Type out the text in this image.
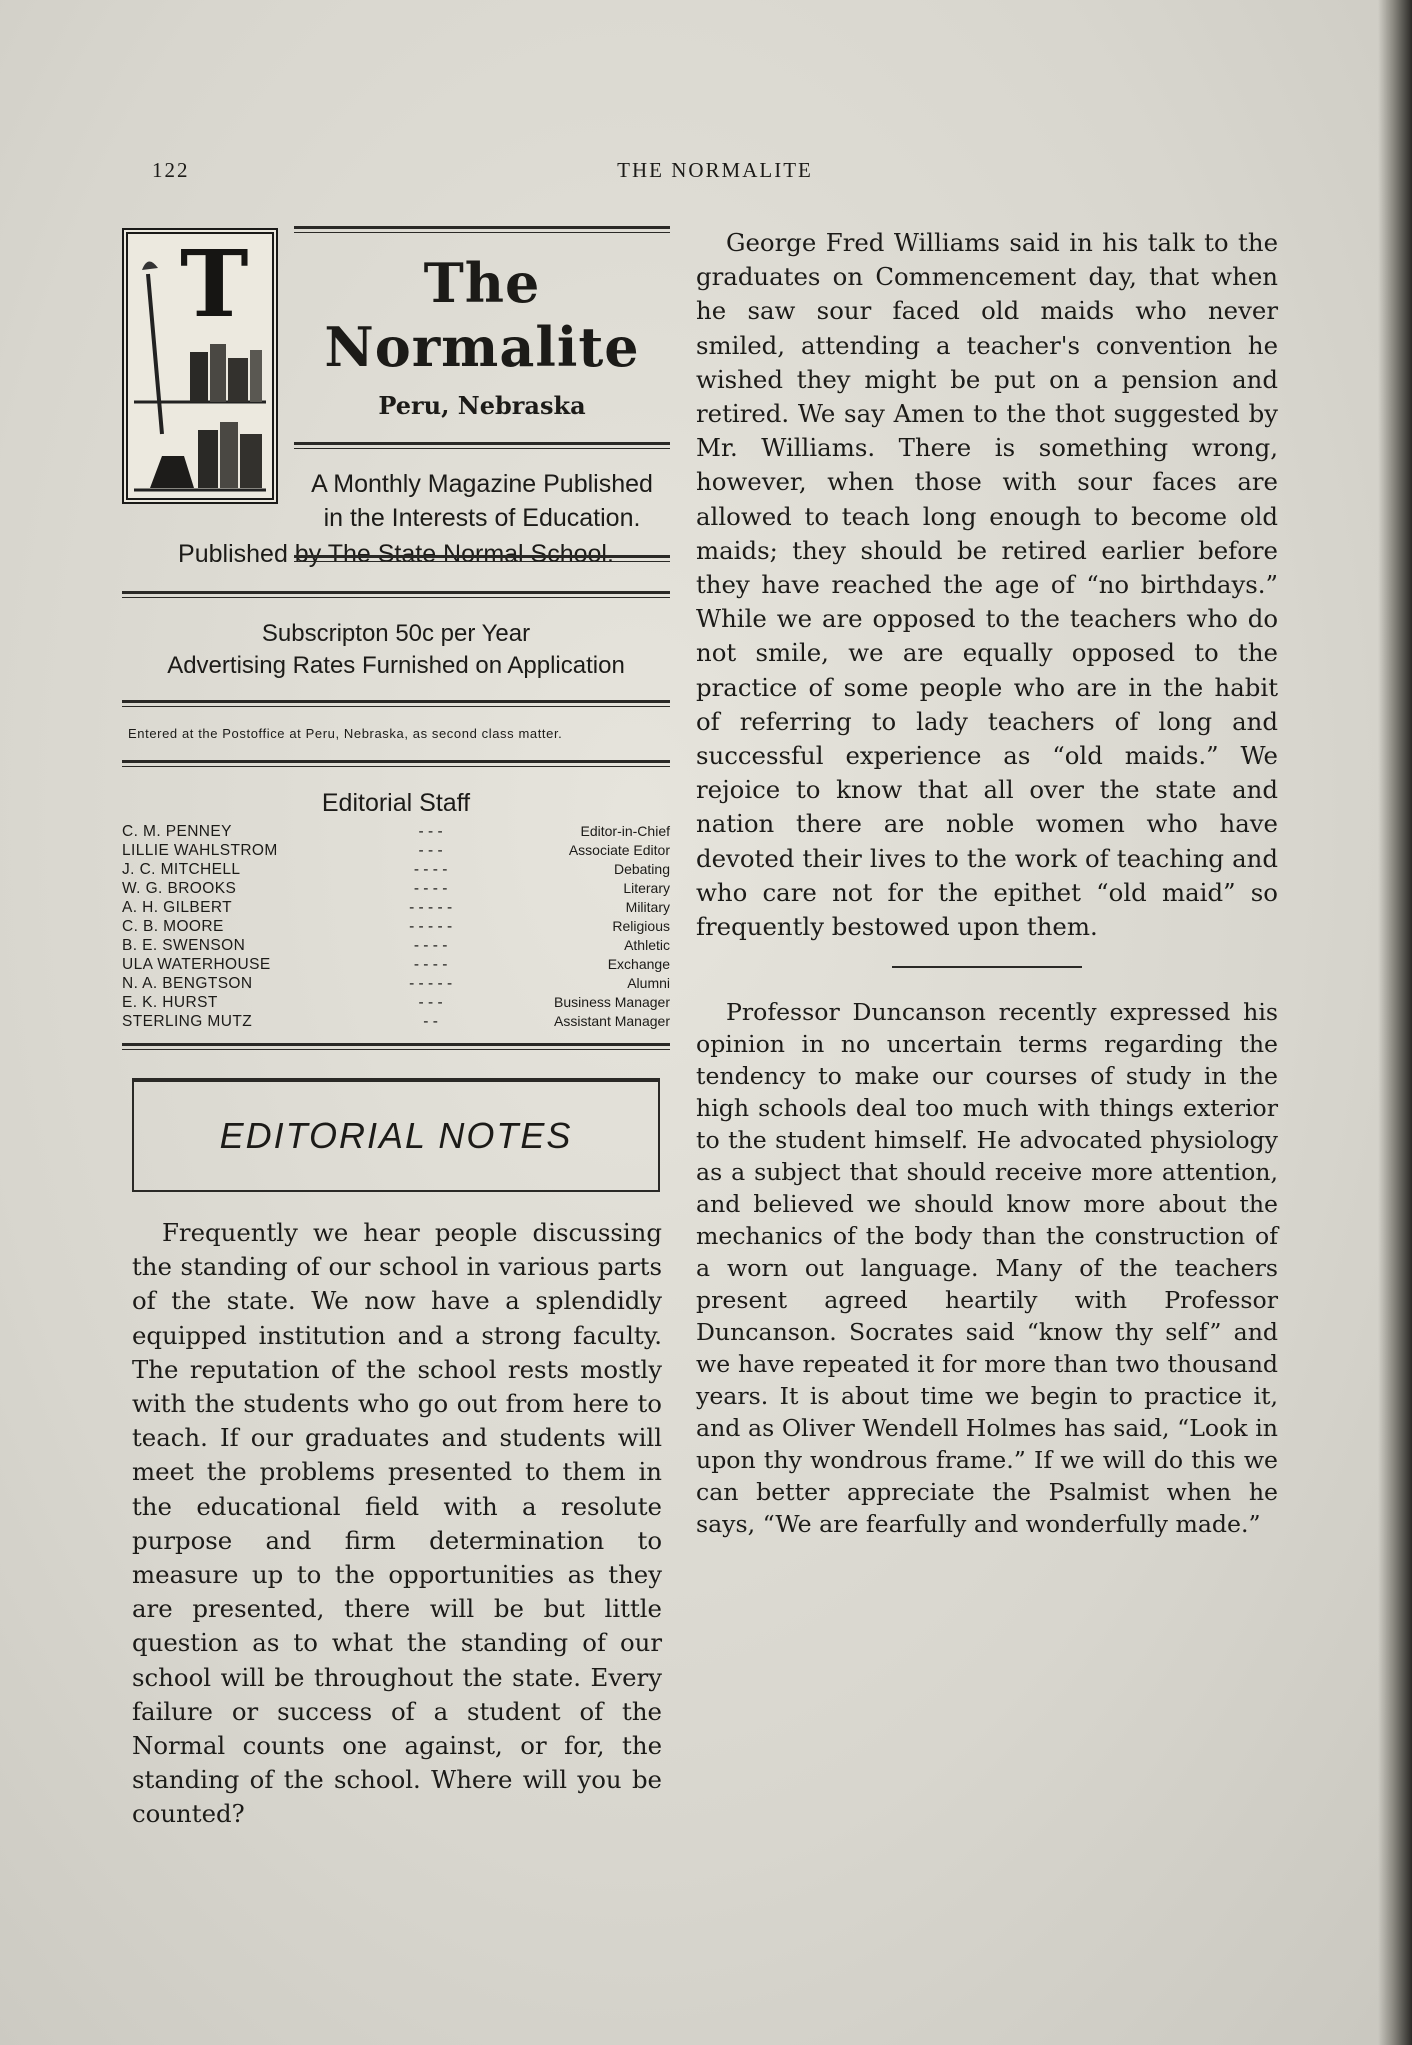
122	THE NORMALITE
T	The Normalite
Peru, Nebraska
A Monthly Magazine Published
in the Interests of Education.
Published by The State Normal School.
Subscripton 50c per Year
Advertising Rates Furnished on Application
Entered at the Postoffice at Peru, Nebraska, as second class matter.
Editorial Staff
C. M. PENNEY	- - -	Editor-in-Chief
LILLIE WAHLSTROM	- - -	Associate Editor
J. C. MITCHELL	- - - -	Debating
W. G. BROOKS	- - - -	Literary
A. H. GILBERT	- - - - -	Military
C. B. MOORE	- - - - -	Religious
B. E. SWENSON	- - - -	Athletic
ULA WATERHOUSE	- - - -	Exchange
N. A. BENGTSON	- - - - -	Alumni
E. K. HURST	- - -	Business Manager
STERLING MUTZ	- -	Assistant Manager
EDITORIAL NOTES
Frequently we hear people discussing the standing of our school in various parts of the state. We now have a splendidly equipped institution and a strong faculty. The reputation of the school rests mostly with the students who go out from here to teach. If our graduates and students will meet the problems presented to them in the educational field with a resolute purpose and firm determination to measure up to the opportunities as they are presented, there will be but little question as to what the standing of our school will be throughout the state. Every failure or success of a student of the Normal counts one against, or for, the standing of the school. Where will you be counted?
George Fred Williams said in his talk to the graduates on Commencement day, that when he saw sour faced old maids who never smiled, attending a teacher's convention he wished they might be put on a pension and retired. We say Amen to the thot suggested by Mr. Williams. There is something wrong, however, when those with sour faces are allowed to teach long enough to become old maids; they should be retired earlier before they have reached the age of “no birthdays.” While we are opposed to the teachers who do not smile, we are equally opposed to the practice of some people who are in the habit of referring to lady teachers of long and successful experience as “old maids.” We rejoice to know that all over the state and nation there are noble women who have devoted their lives to the work of teaching and who care not for the epithet “old maid” so frequently bestowed upon them.
Professor Duncanson recently expressed his opinion in no uncertain terms regarding the tendency to make our courses of study in the high schools deal too much with things exterior to the student himself. He advocated physiology as a subject that should receive more attention, and believed we should know more about the mechanics of the body than the construction of a worn out language. Many of the teachers present agreed heartily with Professor Duncanson. Socrates said “know thy self” and we have repeated it for more than two thousand years. It is about time we begin to practice it, and as Oliver Wendell Holmes has said, “Look in upon thy wondrous frame.” If we will do this we can better appreciate the Psalmist when he says, “We are fearfully and wonderfully made.”
